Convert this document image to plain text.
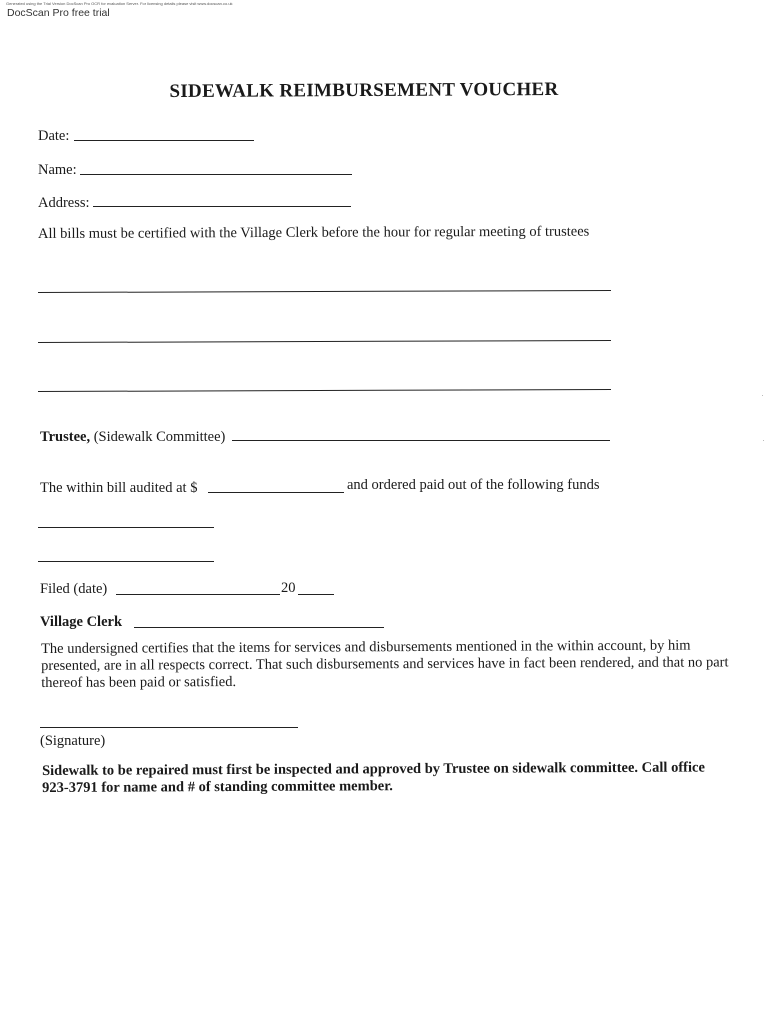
Generated using the Trial Version DocScan Pro OCR for evaluation Server. For licensing details please visit www.docscan.co.uk
DocScan Pro free trial
SIDEWALK REIMBURSEMENT VOUCHER
Date:
Name:
Address:
All bills must be certified with the Village Clerk before the hour for regular meeting of trustees
Trustee, (Sidewalk Committee)
The within bill audited at $	and ordered paid out of the following funds
Filed (date)	20
Village Clerk
The undersigned certifies that the items for services and disbursements mentioned in the within account, by him presented, are in all respects correct. That such disbursements and services have in fact been rendered, and that no part thereof has been paid or satisfied.
(Signature)
Sidewalk to be repaired must first be inspected and approved by Trustee on sidewalk committee. Call office 923-3791 for name and # of standing committee member.
